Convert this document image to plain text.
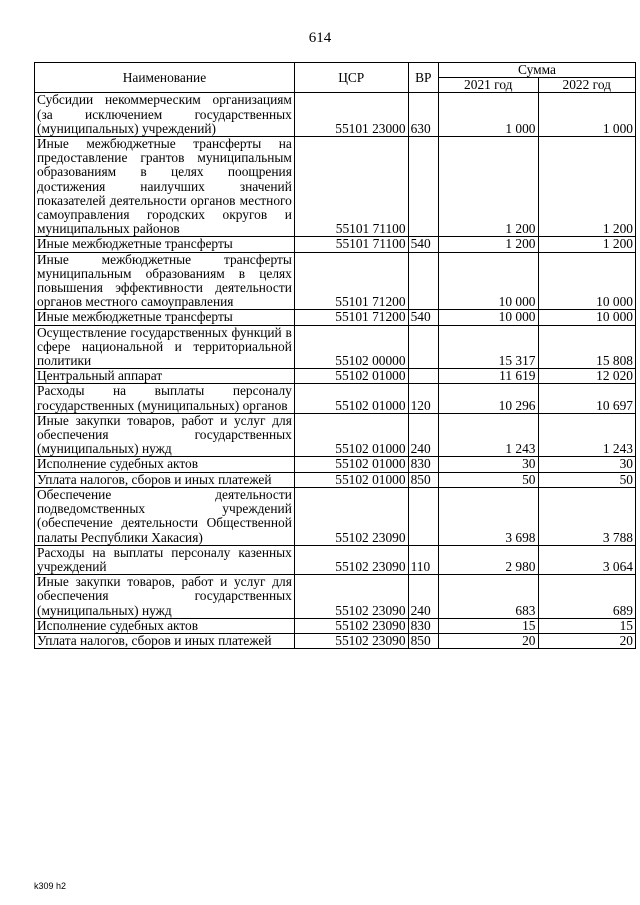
614
Наименование	ЦСР	ВР	Сумма	
			2021 год	2022 год
Субсидии некоммерческим организациям (за исключением государственных (муниципальных) учреждений)	55101 23000	630	1 000	1 000
Иные межбюджетные трансферты на предоставление грантов муниципальным образованиям в целях поощрения достижения наилучших значений показателей деятельности органов местного самоуправления городских округов и муниципальных районов	55101 71100		1 200	1 200
Иные межбюджетные трансферты	55101 71100	540	1 200	1 200
Иные межбюджетные трансферты муниципальным образованиям в целях повышения эффективности деятельности органов местного самоуправления	55101 71200		10 000	10 000
Иные межбюджетные трансферты	55101 71200	540	10 000	10 000
Осуществление государственных функций в сфере национальной и территориальной политики	55102 00000		15 317	15 808
Центральный аппарат	55102 01000		11 619	12 020
Расходы на выплаты персоналу государственных (муниципальных) органов	55102 01000	120	10 296	10 697
Иные закупки товаров, работ и услуг для обеспечения государственных (муниципальных) нужд	55102 01000	240	1 243	1 243
Исполнение судебных актов	55102 01000	830	30	30
Уплата налогов, сборов и иных платежей	55102 01000	850	50	50
Обеспечение деятельности подведомственных учреждений (обеспечение деятельности Общественной палаты Республики Хакасия)	55102 23090		3 698	3 788
Расходы на выплаты персоналу казенных учреждений	55102 23090	110	2 980	3 064
Иные закупки товаров, работ и услуг для обеспечения государственных (муниципальных) нужд	55102 23090	240	683	689
Исполнение судебных актов	55102 23090	830	15	15
Уплата налогов, сборов и иных платежей	55102 23090	850	20	20
k309 h2
